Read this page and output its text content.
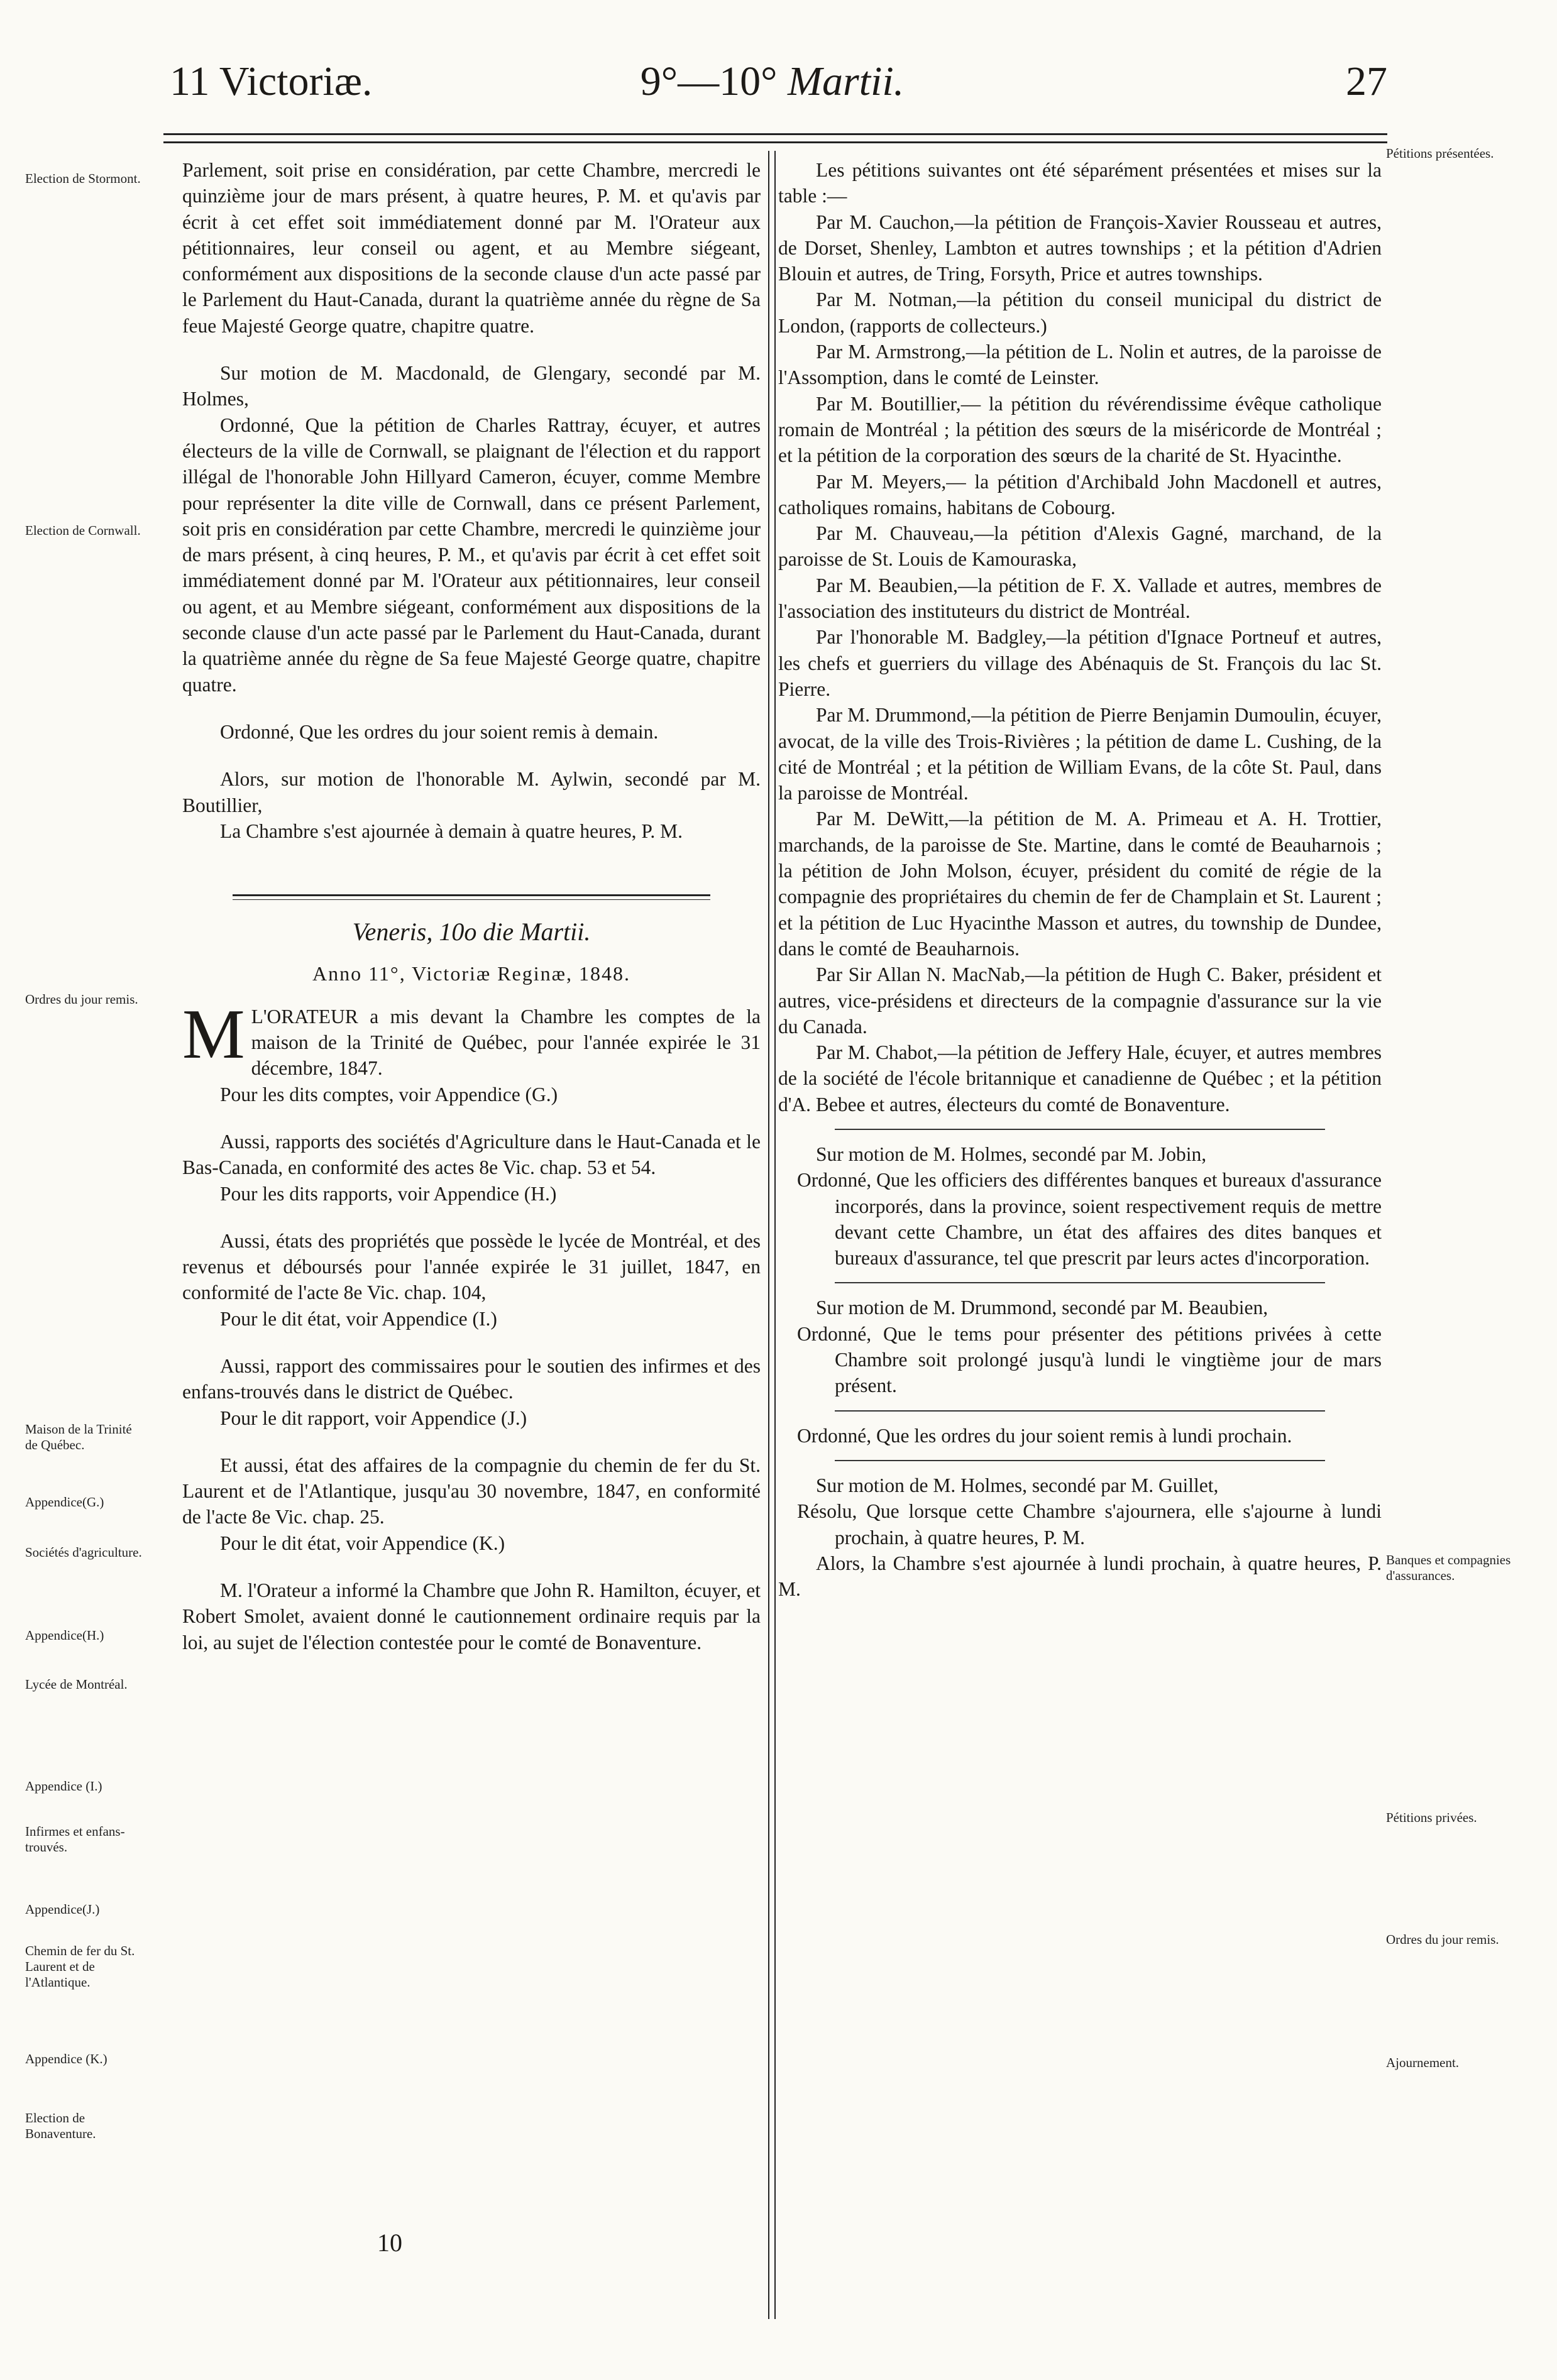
11 Victoriæ.	9°—10° Martii.	27
Election de Stormont.
Election de Cornwall.
Ordres du jour remis.
Maison de la Trinité de Québec.
Appendice(G.)
Sociétés d'agriculture.
Appendice(H.)
Lycée de Montréal.
Appendice (I.)
Infirmes et enfans-trouvés.
Appendice(J.)
Chemin de fer du St. Laurent et de l'Atlantique.
Appendice (K.)
Election de Bonaventure.
Pétitions présentées.
Banques et compagnies d'assurances.
Pétitions privées.
Ordres du jour remis.
Ajournement.

Parlement, soit prise en considération, par cette Chambre, mercredi le quinzième jour de mars présent, à quatre heures, P. M. et qu'avis par écrit à cet effet soit immédiatement donné par M. l'Orateur aux pétitionnaires, leur conseil ou agent, et au Membre siégeant, conformément aux dispositions de la seconde clause d'un acte passé par le Parlement du Haut-Canada, durant la quatrième année du règne de Sa feue Majesté George quatre, chapitre quatre.

Sur motion de M. Macdonald, de Glengary, secondé par M. Holmes,

Ordonné, Que la pétition de Charles Rattray, écuyer, et autres électeurs de la ville de Cornwall, se plaignant de l'élection et du rapport illégal de l'honorable John Hillyard Cameron, écuyer, comme Membre pour représenter la dite ville de Cornwall, dans ce présent Parlement, soit pris en considération par cette Chambre, mercredi le quinzième jour de mars présent, à cinq heures, P. M., et qu'avis par écrit à cet effet soit immédiatement donné par M. l'Orateur aux pétitionnaires, leur conseil ou agent, et au Membre siégeant, conformément aux dispositions de la seconde clause d'un acte passé par le Parlement du Haut-Canada, durant la quatrième année du règne de Sa feue Majesté George quatre, chapitre quatre.

Ordonné, Que les ordres du jour soient remis à demain.

Alors, sur motion de l'honorable M. Aylwin, secondé par M. Boutillier,

La Chambre s'est ajournée à demain à quatre heures, P. M.

Veneris, 10o die Martii.
Anno 11°, Victoriæ Reginæ, 1848.

M L'ORATEUR a mis devant la Chambre les comptes de la maison de la Trinité de Québec, pour l'année expirée le 31 décembre, 1847.

Pour les dits comptes, voir Appendice (G.)

Aussi, rapports des sociétés d'Agriculture dans le Haut-Canada et le Bas-Canada, en conformité des actes 8e Vic. chap. 53 et 54.

Pour les dits rapports, voir Appendice (H.)

Aussi, états des propriétés que possède le lycée de Montréal, et des revenus et déboursés pour l'année expirée le 31 juillet, 1847, en conformité de l'acte 8e Vic. chap. 104,

Pour le dit état, voir Appendice (I.)

Aussi, rapport des commissaires pour le soutien des infirmes et des enfans-trouvés dans le district de Québec.

Pour le dit rapport, voir Appendice (J.)

Et aussi, état des affaires de la compagnie du chemin de fer du St. Laurent et de l'Atlantique, jusqu'au 30 novembre, 1847, en conformité de l'acte 8e Vic. chap. 25.

Pour le dit état, voir Appendice (K.)

M. l'Orateur a informé la Chambre que John R. Hamilton, écuyer, et Robert Smolet, avaient donné le cautionnement ordinaire requis par la loi, au sujet de l'élection contestée pour le comté de Bonaventure.

10

Les pétitions suivantes ont été séparément présentées et mises sur la table :—

Par M. Cauchon,—la pétition de François-Xavier Rousseau et autres, de Dorset, Shenley, Lambton et autres townships ; et la pétition d'Adrien Blouin et autres, de Tring, Forsyth, Price et autres townships.

Par M. Notman,—la pétition du conseil municipal du district de London, (rapports de collecteurs.)

Par M. Armstrong,—la pétition de L. Nolin et autres, de la paroisse de l'Assomption, dans le comté de Leinster.

Par M. Boutillier,— la pétition du révérendissime évêque catholique romain de Montréal ; la pétition des sœurs de la miséricorde de Montréal ; et la pétition de la corporation des sœurs de la charité de St. Hyacinthe.

Par M. Meyers,— la pétition d'Archibald John Macdonell et autres, catholiques romains, habitans de Cobourg.

Par M. Chauveau,—la pétition d'Alexis Gagné, marchand, de la paroisse de St. Louis de Kamouraska,

Par M. Beaubien,—la pétition de F. X. Vallade et autres, membres de l'association des instituteurs du district de Montréal.

Par l'honorable M. Badgley,—la pétition d'Ignace Portneuf et autres, les chefs et guerriers du village des Abénaquis de St. François du lac St. Pierre.

Par M. Drummond,—la pétition de Pierre Benjamin Dumoulin, écuyer, avocat, de la ville des Trois-Rivières ; la pétition de dame L. Cushing, de la cité de Montréal ; et la pétition de William Evans, de la côte St. Paul, dans la paroisse de Montréal.

Par M. DeWitt,—la pétition de M. A. Primeau et A. H. Trottier, marchands, de la paroisse de Ste. Martine, dans le comté de Beauharnois ; la pétition de John Molson, écuyer, président du comité de régie de la compagnie des propriétaires du chemin de fer de Champlain et St. Laurent ; et la pétition de Luc Hyacinthe Masson et autres, du township de Dundee, dans le comté de Beauharnois.

Par Sir Allan N. MacNab,—la pétition de Hugh C. Baker, président et autres, vice-présidens et directeurs de la compagnie d'assurance sur la vie du Canada.

Par M. Chabot,—la pétition de Jeffery Hale, écuyer, et autres membres de la société de l'école britannique et canadienne de Québec ; et la pétition d'A. Bebee et autres, électeurs du comté de Bonaventure.

Sur motion de M. Holmes, secondé par M. Jobin,

Ordonné, Que les officiers des différentes banques et bureaux d'assurance incorporés, dans la province, soient respectivement requis de mettre devant cette Chambre, un état des affaires des dites banques et bureaux d'assurance, tel que prescrit par leurs actes d'incorporation.

Sur motion de M. Drummond, secondé par M. Beaubien,

Ordonné, Que le tems pour présenter des pétitions privées à cette Chambre soit prolongé jusqu'à lundi le vingtième jour de mars présent.

Ordonné, Que les ordres du jour soient remis à lundi prochain.

Sur motion de M. Holmes, secondé par M. Guillet,

Résolu, Que lorsque cette Chambre s'ajournera, elle s'ajourne à lundi prochain, à quatre heures, P. M.

Alors, la Chambre s'est ajournée à lundi prochain, à quatre heures, P. M.
